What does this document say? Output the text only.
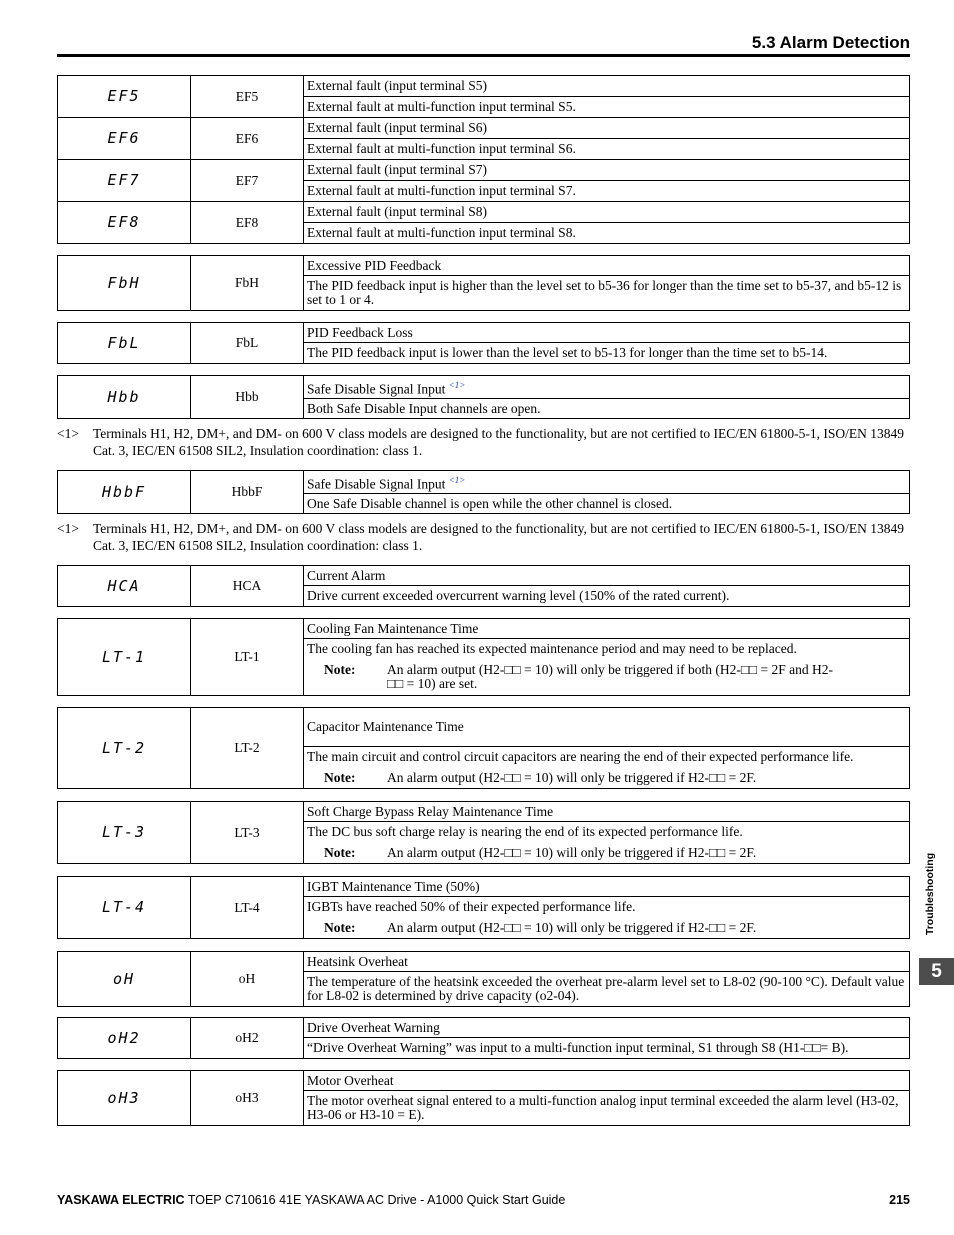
5.3 Alarm Detection
EF5	EF5	External fault (input terminal S5)
		External fault at multi-function input terminal S5.
EF6	EF6	External fault (input terminal S6)
		External fault at multi-function input terminal S6.
EF7	EF7	External fault (input terminal S7)
		External fault at multi-function input terminal S7.
EF8	EF8	External fault (input terminal S8)
		External fault at multi-function input terminal S8.
FbH	FbH	Excessive PID Feedback
The PID feedback input is higher than the level set to b5-36 for longer than the time set to b5-37, and b5-12 is set to 1 or 4.
FbL	FbL	PID Feedback Loss
The PID feedback input is lower than the level set to b5-13 for longer than the time set to b5-14.
Hbb	Hbb	Safe Disable Signal Input $^{<1>}$
Both Safe Disable Input channels are open.
<1> Terminals H1, H2, DM+, and DM- on 600 V class models are designed to the functionality, but are not certified to IEC/EN 61800-5-1, ISO/EN 13849 Cat. 3, IEC/EN 61508 SIL2, Insulation coordination: class 1.
HbbF	HbbF	Safe Disable Signal Input $^{<1>}$
One Safe Disable channel is open while the other channel is closed.
<1> Terminals H1, H2, DM+, and DM- on 600 V class models are designed to the functionality, but are not certified to IEC/EN 61800-5-1, ISO/EN 13849 Cat. 3, IEC/EN 61508 SIL2, Insulation coordination: class 1.
HCA	HCA	Current Alarm
Drive current exceeded overcurrent warning level (150% of the rated current).
LT-1	LT-1	Cooling Fan Maintenance Time

The cooling fan has reached its expected maintenance period and may need to be replaced.
Note:	An alarm output (H2-□□ = 10) will only be triggered if both (H2-□□ = 2F and H2-□□ = 10) are set.
LT-2	LT-2	Capacitor Maintenance Time

The main circuit and control circuit capacitors are nearing the end of their expected performance life.
Note:	An alarm output (H2-□□ = 10) will only be triggered if H2-□□ = 2F.
LT-3	LT-3	Soft Charge Bypass Relay Maintenance Time

The DC bus soft charge relay is nearing the end of its expected performance life.
Note:	An alarm output (H2-□□ = 10) will only be triggered if H2-□□ = 2F.
LT-4	LT-4	IGBT Maintenance Time (50%)

IGBTs have reached 50% of their expected performance life.
Note:	An alarm output (H2-□□ = 10) will only be triggered if H2-□□ = 2F.
oH	oH	Heatsink Overheat
The temperature of the heatsink exceeded the overheat pre-alarm level set to L8-02 (90-100 °C). Default value for L8-02 is determined by drive capacity (o2-04).
oH2	oH2	Drive Overheat Warning
“Drive Overheat Warning” was input to a multi-function input terminal, S1 through S8 (H1-□□= B).
oH3	oH3	Motor Overheat
The motor overheat signal entered to a multi-function analog input terminal exceeded the alarm level (H3-02, H3-06 or H3-10 = E).
Troubleshooting
5
YASKAWA ELECTRIC TOEP C710616 41E YASKAWA AC Drive - A1000 Quick Start Guide	215
